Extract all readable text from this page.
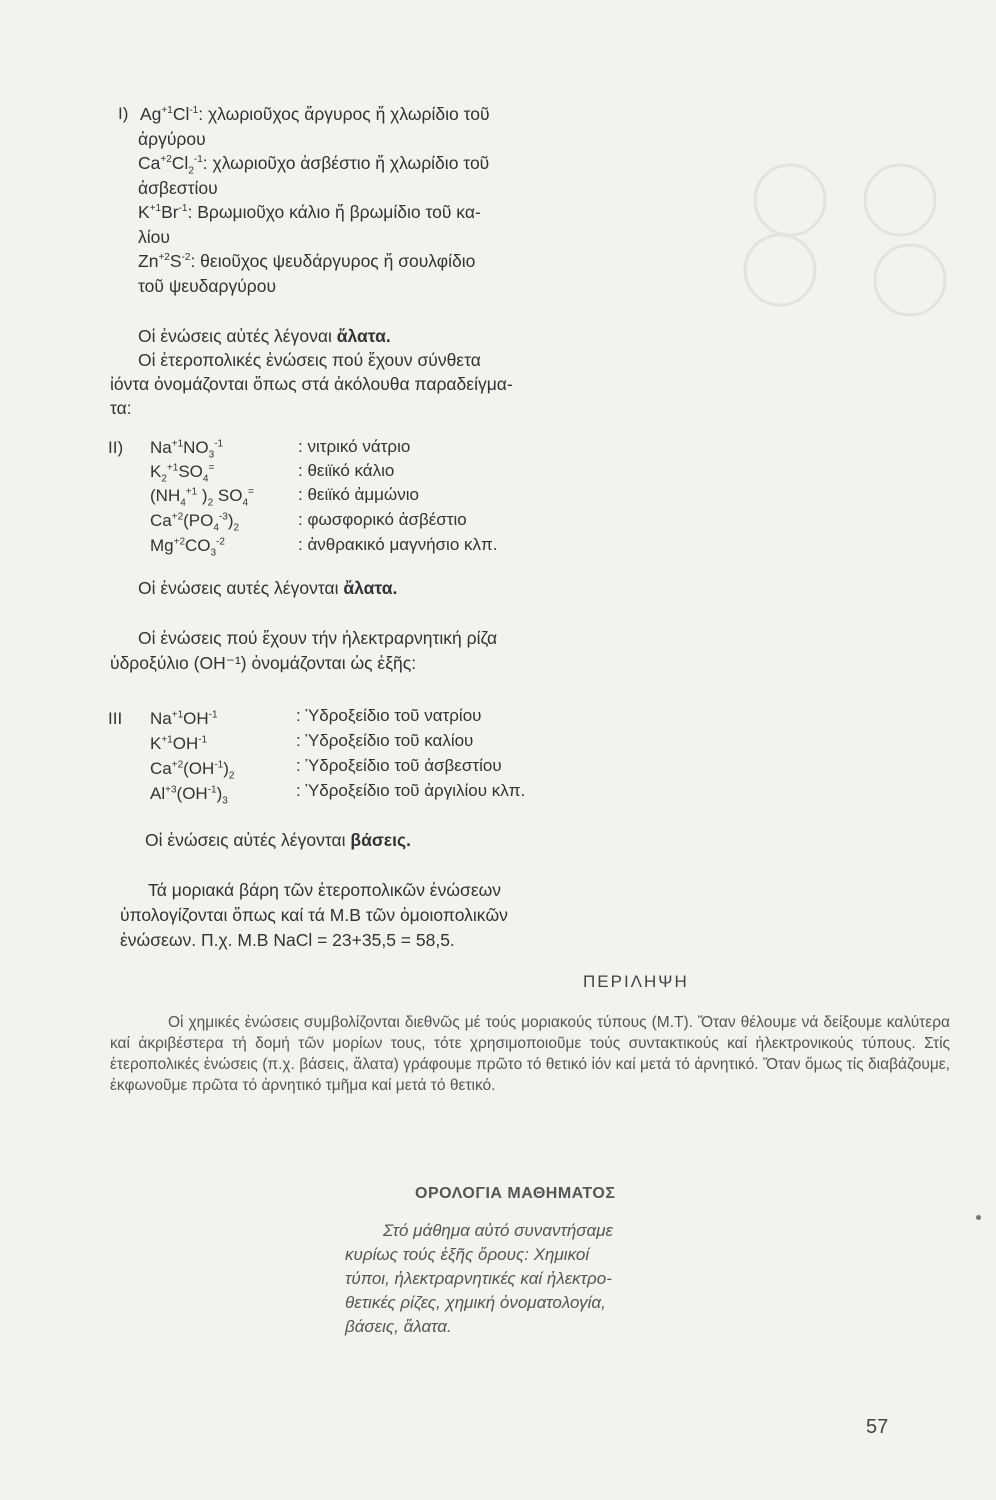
I) $Ag^{+1}Cl^{-1}$: χλωριοῦχος ἄργυρος ἤ χλωρίδιο τοῦ
ἀργύρου
$Ca^{+2}Cl_2^{-1}$: χλωριοῦχο ἀσβέστιο ἤ χλωρίδιο τοῦ
ἀσβεστίου
$K^{+1}Br^{-1}$: Βρωμιοῦχο κάλιο ἤ βρωμίδιο τοῦ κα-
λίου
$Zn^{+2}S^{-2}$: θειοῦχος ψευδάργυρος ἤ σουλφίδιο
τοῦ ψευδαργύρου
Οἱ ἐνώσεις αὐτές λέγοναι ἄλατα.
Οἱ ἑτεροπολικές ἐνώσεις πού ἔχουν σύνθετα
ἰόντα ὀνομάζονται ὅπως στά ἀκόλουθα παραδείγμα-
τα:
II) $Na^{+1}NO_3^{-1}$
$K_2^{+1}SO_4^=$
($NH_4^{+1}$ )$_2$ $SO_4^=$
$Ca^{+2}(PO_4^{-3})_2$
$Mg^{+2}CO_3^{-2}$
: νιτρικό νάτριο
: θειϊκό κάλιο
: θειϊκό ἀμμώνιο
: φωσφορικό ἀσβέστιο
: ἀνθρακικό μαγνήσιο κλπ.
Οἱ ἐνώσεις αυτές λέγονται ἄλατα.
Οἱ ἐνώσεις πού ἔχουν τήν ἠλεκτραρνητική ρίζα
ὑδροξύλιο (OH⁻¹) ὀνομάζονται ὡς ἑξῆς:
III $Na^{+1}OH^{-1}$
$K^{+1}OH^{-1}$
$Ca^{+2}(OH^{-1})_2$
$Al^{+3}(OH^{-1})_3$
: Ὑδροξείδιο τοῦ νατρίου
: Ὑδροξείδιο τοῦ καλίου
: Ὑδροξείδιο τοῦ ἀσβεστίου
: Ὑδροξείδιο τοῦ ἀργιλίου κλπ.
Οἱ ἐνώσεις αὐτές λέγονται βάσεις.
Τά μοριακά βάρη τῶν ἑτεροπολικῶν ἐνώσεων
ὑπολογίζονται ὅπως καί τά M.B τῶν ὁμοιοπολικῶν
ἐνώσεων. Π.χ. M.B NaCl = 23+35,5 = 58,5.
ΠΕΡΙΛΗΨΗ

Οἱ χημικές ἐνώσεις συμβολίζονται διεθνῶς μέ τούς μοριακούς τύπους (M.T). Ὅταν θέλουμε νά δείξουμε καλύτερα καί ἀκριβέστερα τή δομή τῶν μορίων τους, τότε χρησιμοποιοῦμε τούς συντακτικούς καί ἠλεκτρονικούς τύπους. Στίς ἑτεροπολικές ἐνώσεις (π.χ. βάσεις, ἅλατα) γράφουμε πρῶτο τό θετικό ἰόν καί μετά τό ἀρνητικό. Ὅταν ὅμως τίς διαβάζουμε, ἐκφωνοῦμε πρῶτα τό ἀρνητικό τμῆμα καί μετά τό θετικό.

ΟΡΟΛΟΓΙΑ ΜΑΘΗΜΑΤΟΣ
Στό μάθημα αὐτό συναντήσαμε
κυρίως τούς ἑξῆς ὅρους: Χημικοί
τύποι, ἠλεκτραρνητικές καί ἠλεκτρο-
θετικές ρίζες, χημική ὀνοματολογία,
βάσεις, ἅλατα.
57
